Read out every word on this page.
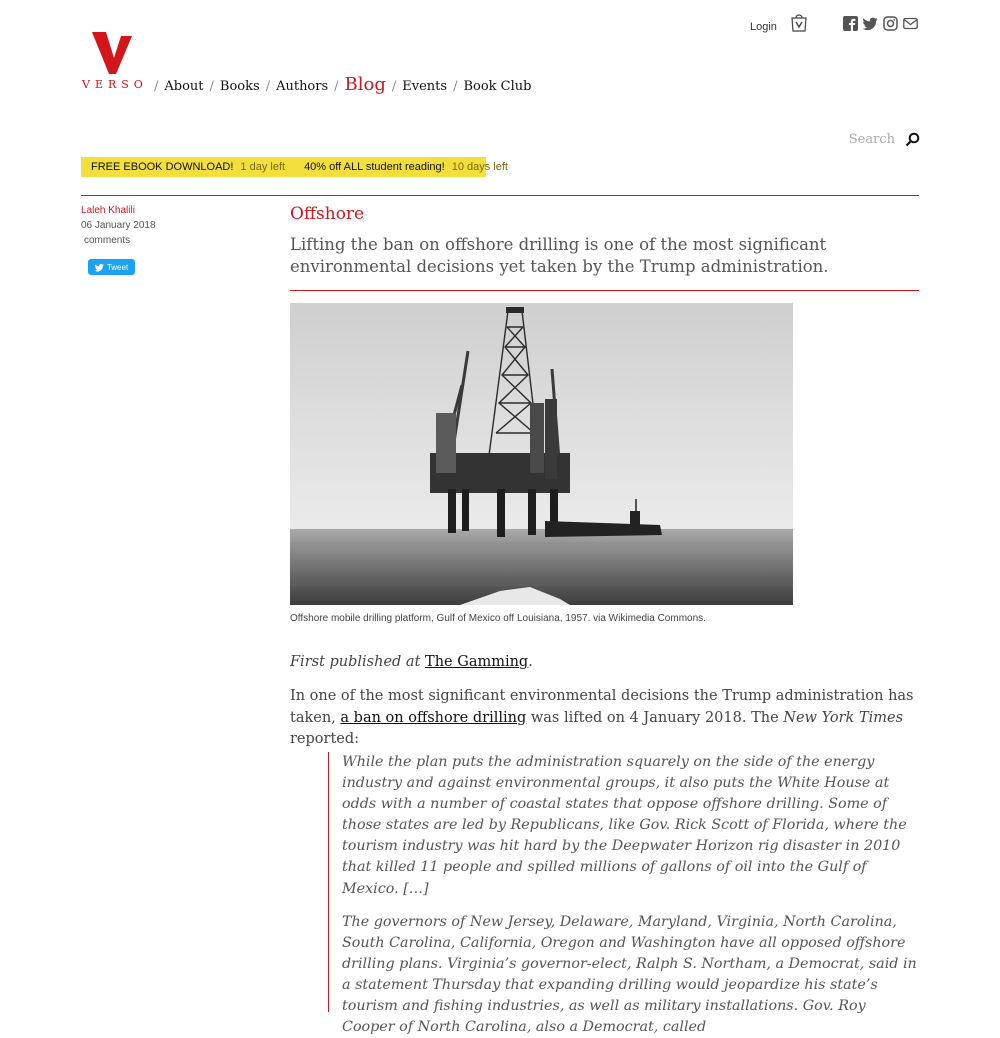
Login
VERSO / About / Books / Authors / Blog / Events / Book Club
Search
FREE EBOOK DOWNLOAD! 1 day left 40% off ALL student reading! 10 days left
Laleh Khalili
06 January 2018
comments
Tweet
Offshore

Lifting the ban on offshore drilling is one of the most significant environmental decisions yet taken by the Trump administration.

Offshore mobile drilling platform, Gulf of Mexico off Louisiana, 1957. via Wikimedia Commons.

First published at The Gamming.

In one of the most significant environmental decisions the Trump administration has taken, a ban on offshore drilling was lifted on 4 January 2018. The New York Times reported:

While the plan puts the administration squarely on the side of the energy industry and against environmental groups, it also puts the White House at odds with a number of coastal states that oppose offshore drilling. Some of those states are led by Republicans, like Gov. Rick Scott of Florida, where the tourism industry was hit hard by the Deepwater Horizon rig disaster in 2010 that killed 11 people and spilled millions of gallons of oil into the Gulf of Mexico. […]

The governors of New Jersey, Delaware, Maryland, Virginia, North Carolina, South Carolina, California, Oregon and Washington have all opposed offshore drilling plans. Virginia’s governor-elect, Ralph S. Northam, a Democrat, said in a statement Thursday that expanding drilling would jeopardize his state’s tourism and fishing industries, as well as military installations. Gov. Roy Cooper of North Carolina, also a Democrat, called
